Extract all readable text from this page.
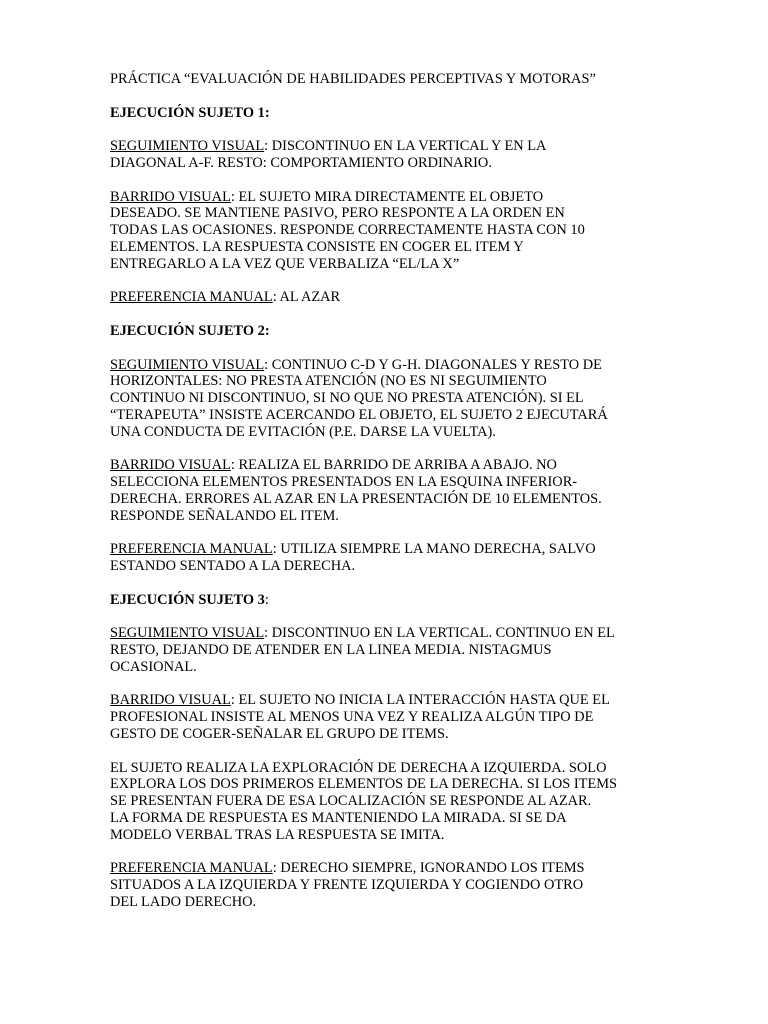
PRÁCTICA “EVALUACIÓN DE HABILIDADES PERCEPTIVAS Y MOTORAS”

EJECUCIÓN SUJETO 1:

SEGUIMIENTO VISUAL: DISCONTINUO EN LA VERTICAL Y EN LA
DIAGONAL A-F. RESTO: COMPORTAMIENTO ORDINARIO.

BARRIDO VISUAL: EL SUJETO MIRA DIRECTAMENTE EL OBJETO
DESEADO. SE MANTIENE PASIVO, PERO RESPONTE A LA ORDEN EN
TODAS LAS OCASIONES. RESPONDE CORRECTAMENTE HASTA CON 10
ELEMENTOS. LA RESPUESTA CONSISTE EN COGER EL ITEM Y
ENTREGARLO A LA VEZ QUE VERBALIZA “EL/LA X”

PREFERENCIA MANUAL: AL AZAR

EJECUCIÓN SUJETO 2:

SEGUIMIENTO VISUAL: CONTINUO C-D Y G-H. DIAGONALES Y RESTO DE
HORIZONTALES: NO PRESTA ATENCIÓN (NO ES NI SEGUIMIENTO
CONTINUO NI DISCONTINUO, SI NO QUE NO PRESTA ATENCIÓN). SI EL
“TERAPEUTA” INSISTE ACERCANDO EL OBJETO, EL SUJETO 2 EJECUTARÁ
UNA CONDUCTA DE EVITACIÓN (P.E. DARSE LA VUELTA).

BARRIDO VISUAL: REALIZA EL BARRIDO DE ARRIBA A ABAJO. NO
SELECCIONA ELEMENTOS PRESENTADOS EN LA ESQUINA INFERIOR-
DERECHA. ERRORES AL AZAR EN LA PRESENTACIÓN DE 10 ELEMENTOS.
RESPONDE SEÑALANDO EL ITEM.

PREFERENCIA MANUAL: UTILIZA SIEMPRE LA MANO DERECHA, SALVO
ESTANDO SENTADO A LA DERECHA.

EJECUCIÓN SUJETO 3:

SEGUIMIENTO VISUAL: DISCONTINUO EN LA VERTICAL. CONTINUO EN EL
RESTO, DEJANDO DE ATENDER EN LA LINEA MEDIA. NISTAGMUS
OCASIONAL.

BARRIDO VISUAL: EL SUJETO NO INICIA LA INTERACCIÓN HASTA QUE EL
PROFESIONAL INSISTE AL MENOS UNA VEZ Y REALIZA ALGÚN TIPO DE
GESTO DE COGER-SEÑALAR EL GRUPO DE ITEMS.

EL SUJETO REALIZA LA EXPLORACIÓN DE DERECHA A IZQUIERDA. SOLO
EXPLORA LOS DOS PRIMEROS ELEMENTOS DE LA DERECHA. SI LOS ITEMS
SE PRESENTAN FUERA DE ESA LOCALIZACIÓN SE RESPONDE AL AZAR.
LA FORMA DE RESPUESTA ES MANTENIENDO LA MIRADA. SI SE DA
MODELO VERBAL TRAS LA RESPUESTA SE IMITA.

PREFERENCIA MANUAL: DERECHO SIEMPRE, IGNORANDO LOS ITEMS
SITUADOS A LA IZQUIERDA Y FRENTE IZQUIERDA Y COGIENDO OTRO
DEL LADO DERECHO.
